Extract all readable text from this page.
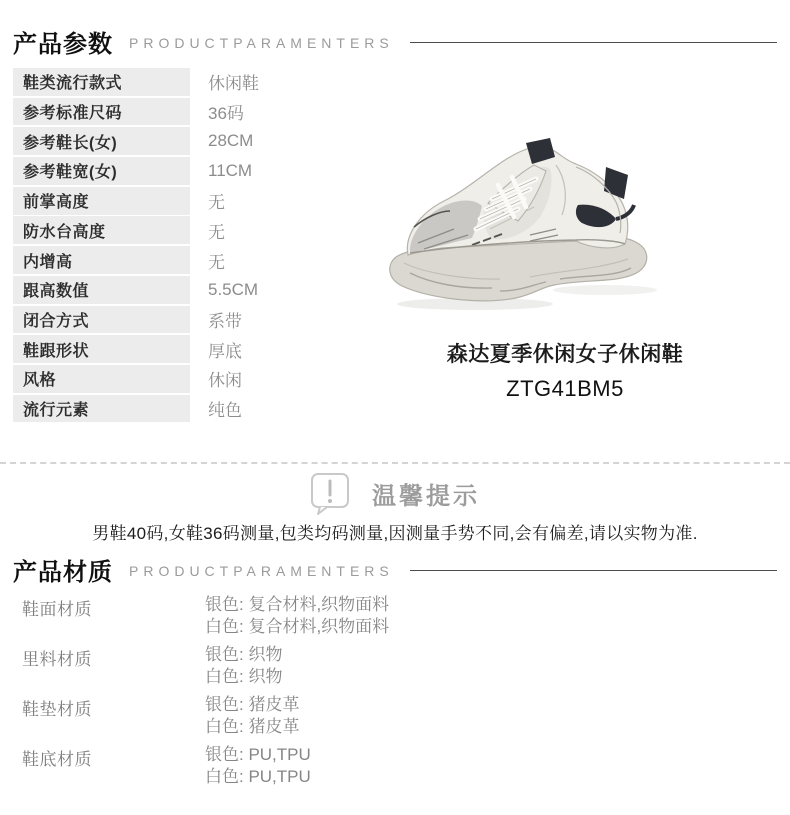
产品参数 PRODUCTPARAMENTERS
鞋类流行款式	休闲鞋
参考标准尺码	36码
参考鞋长(女)	28CM
参考鞋宽(女)	11CM
前掌高度	无
防水台高度	无
内增高	无
跟高数值	5.5CM
闭合方式	系带
鞋跟形状	厚底
风格	休闲
流行元素	纯色
森达夏季休闲女子休闲鞋
ZTG41BM5
温馨提示
男鞋40码,女鞋36码测量,包类均码测量,因测量手势不同,会有偏差,请以实物为准.
产品材质 PRODUCTPARAMENTERS
鞋面材质	银色: 复合材料,织物面料
白色: 复合材料,织物面料
里料材质	银色: 织物
白色: 织物
鞋垫材质	银色: 猪皮革
白色: 猪皮革
鞋底材质	银色: PU,TPU
白色: PU,TPU
